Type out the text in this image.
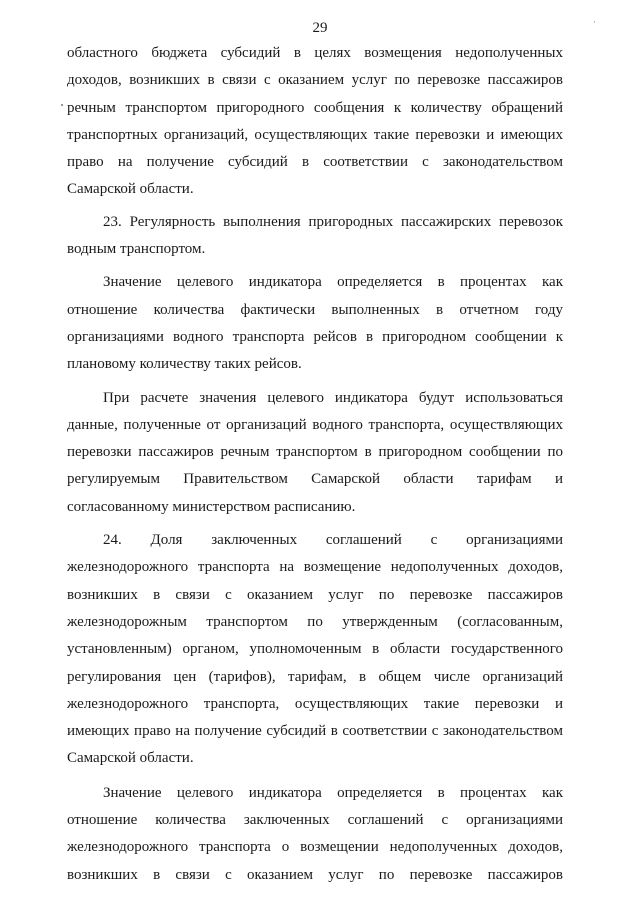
29	·
областного бюджета субсидий в целях возмещения недополученных
доходов, возникших в связи с оказанием услуг по перевозке пассажиров
речным транспортом пригородного сообщения к количеству обращений
транспортных организаций, осуществляющих такие перевозки и имеющих
право на получение субсидий в соответствии с законодательством
Самарской области.
23. Регулярность выполнения пригородных пассажирских перевозок
водным транспортом.
Значение целевого индикатора определяется в процентах как
отношение количества фактически выполненных в отчетном году
организациями водного транспорта рейсов в пригородном сообщении к
плановому количеству таких рейсов.
При расчете значения целевого индикатора будут использоваться
данные, полученные от организаций водного транспорта, осуществляющих
перевозки пассажиров речным транспортом в пригородном сообщении по
регулируемым Правительством Самарской области тарифам и
согласованному министерством расписанию.
24. Доля заключенных соглашений с организациями
железнодорожного транспорта на возмещение недополученных доходов,
возникших в связи с оказанием услуг по перевозке пассажиров
железнодорожным транспортом по утвержденным (согласованным,
установленным) органом, уполномоченным в области государственного
регулирования цен (тарифов), тарифам, в общем числе организаций
железнодорожного транспорта, осуществляющих такие перевозки и
имеющих право на получение субсидий в соответствии с законодательством
Самарской области.
Значение целевого индикатора определяется в процентах как
отношение количества заключенных соглашений с организациями
железнодорожного транспорта о возмещении недополученных доходов,
возникших в связи с оказанием услуг по перевозке пассажиров
